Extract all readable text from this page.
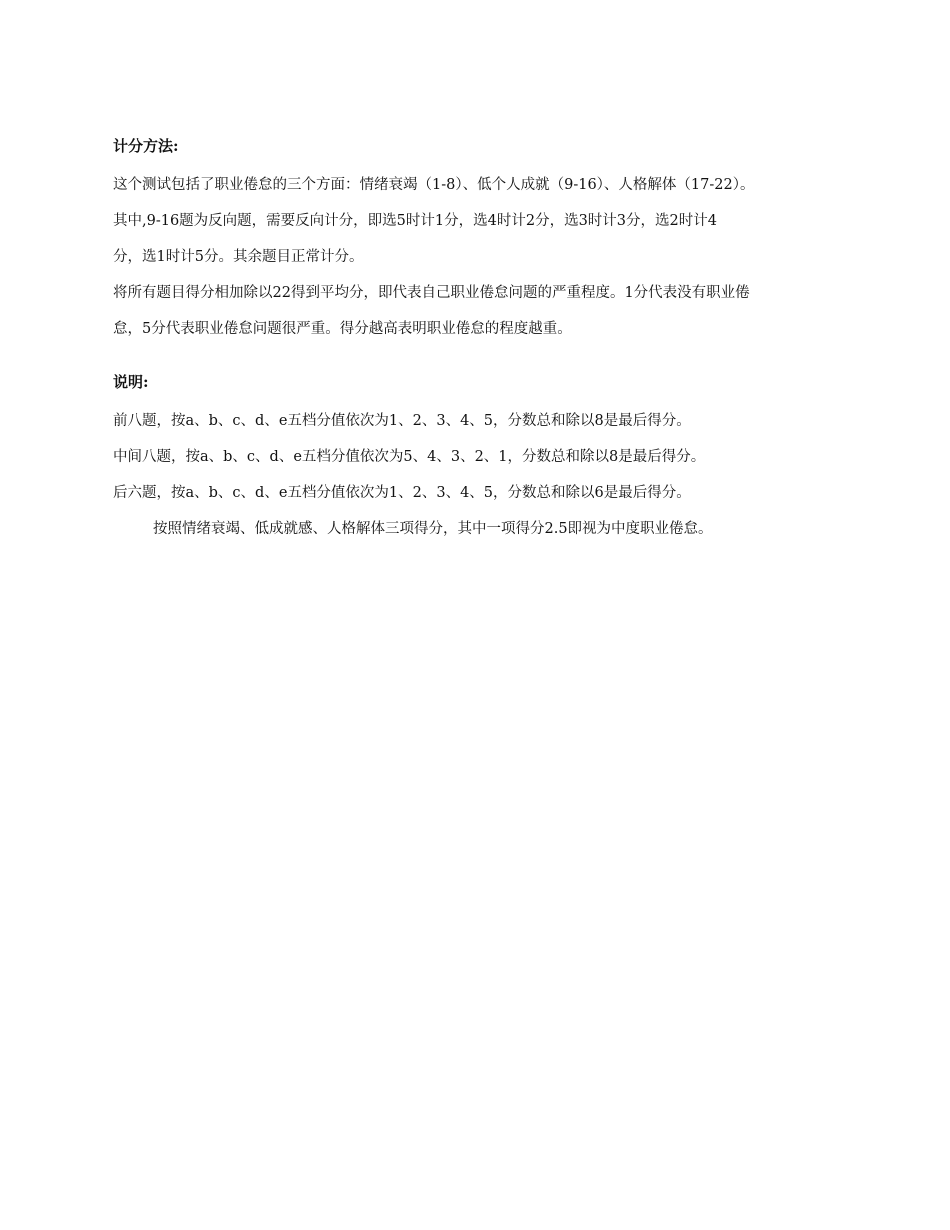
计分方法:

这个测试包括了职业倦怠的三个方面：情绪衰竭（1-8）、低个人成就（9-16）、人格解体（17-22）。

其中,9-16题为反向题，需要反向计分，即选5时计1分，选4时计2分，选3时计3分，选2时计4

分，选1时计5分。其余题目正常计分。

将所有题目得分相加除以22得到平均分，即代表自己职业倦怠问题的严重程度。1分代表没有职业倦

怠，5分代表职业倦怠问题很严重。得分越高表明职业倦怠的程度越重。

说明:

前八题，按a、b、c、d、e五档分值依次为1、2、3、4、5，分数总和除以8是最后得分。

中间八题，按a、b、c、d、e五档分值依次为5、4、3、2、1，分数总和除以8是最后得分。

后六题，按a、b、c、d、e五档分值依次为1、2、3、4、5，分数总和除以6是最后得分。

按照情绪衰竭、低成就感、人格解体三项得分，其中一项得分2.5即视为中度职业倦怠。
